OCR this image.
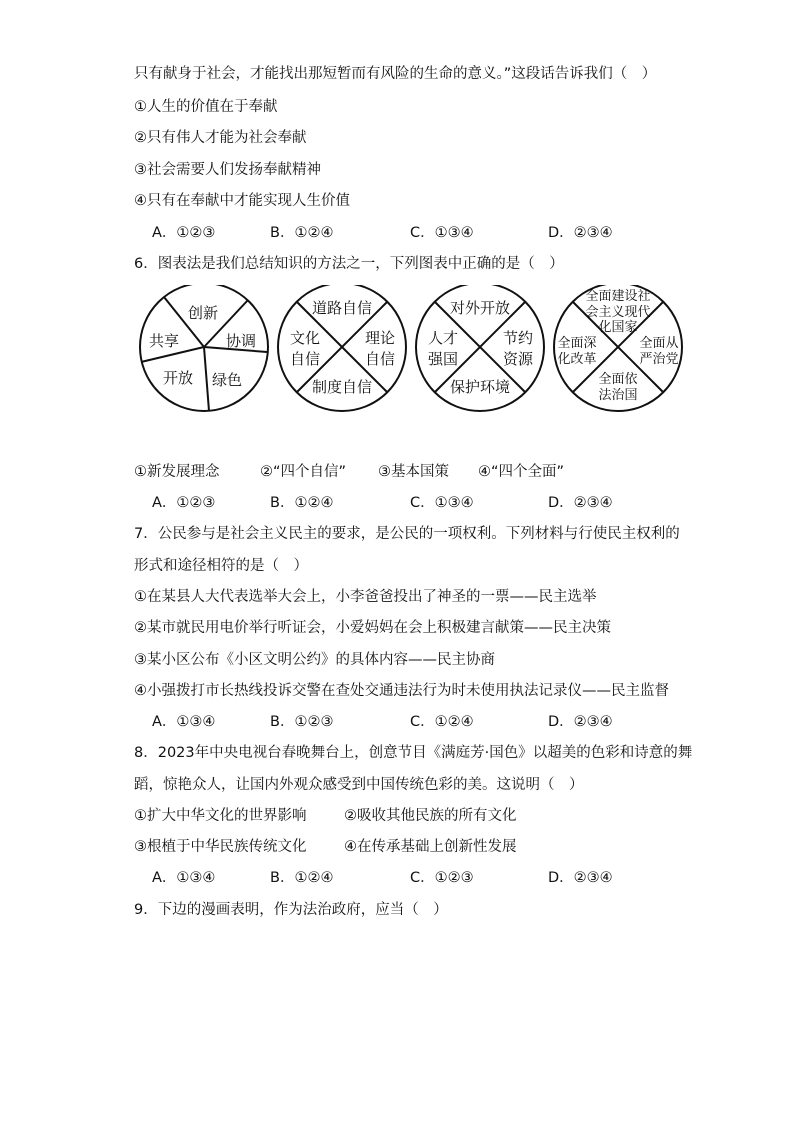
只有献身于社会，才能找出那短暂而有风险的生命的意义。”这段话告诉我们（　）
①人生的价值在于奉献
②只有伟人才能为社会奉献
③社会需要人们发扬奉献精神
④只有在奉献中才能实现人生价值
A．①②③	B．①②④	C．①③④	D．②③④
6．图表法是我们总结知识的方法之一，下列图表中正确的是（　）
创新
共享	协调
开放 绿色
道路自信
文化
自信
理论
自信
制度自信
对外开放
人才
强国
节约
资源
保护环境
全面建设社
会主义现代
化国家
全面深
化改革
全面从
严治党
全面依
法治国
①新发展理念	②“四个自信” ③基本国策 ④“四个全面”
A．①②③	B．①②④	C．①③④	D．②③④
7．公民参与是社会主义民主的要求，是公民的一项权利。下列材料与行使民主权利的
形式和途径相符的是（　）
①在某县人大代表选举大会上，小李爸爸投出了神圣的一票——民主选举
②某市就民用电价举行听证会，小爱妈妈在会上积极建言献策——民主决策
③某小区公布《小区文明公约》的具体内容——民主协商
④小强拨打市长热线投诉交警在查处交通违法行为时未使用执法记录仪——民主监督
A．①③④	B．①②③	C．①②④	D．②③④
8．2023年中央电视台春晚舞台上，创意节目《满庭芳·国色》以超美的色彩和诗意的舞
蹈，惊艳众人，让国内外观众感受到中国传统色彩的美。这说明（　）
①扩大中华文化的世界影响	②吸收其他民族的所有文化
③根植于中华民族传统文化	④在传承基础上创新性发展
A．①③④	B．①②④	C．①②③	D．②③④
9．下边的漫画表明，作为法治政府，应当（　）
